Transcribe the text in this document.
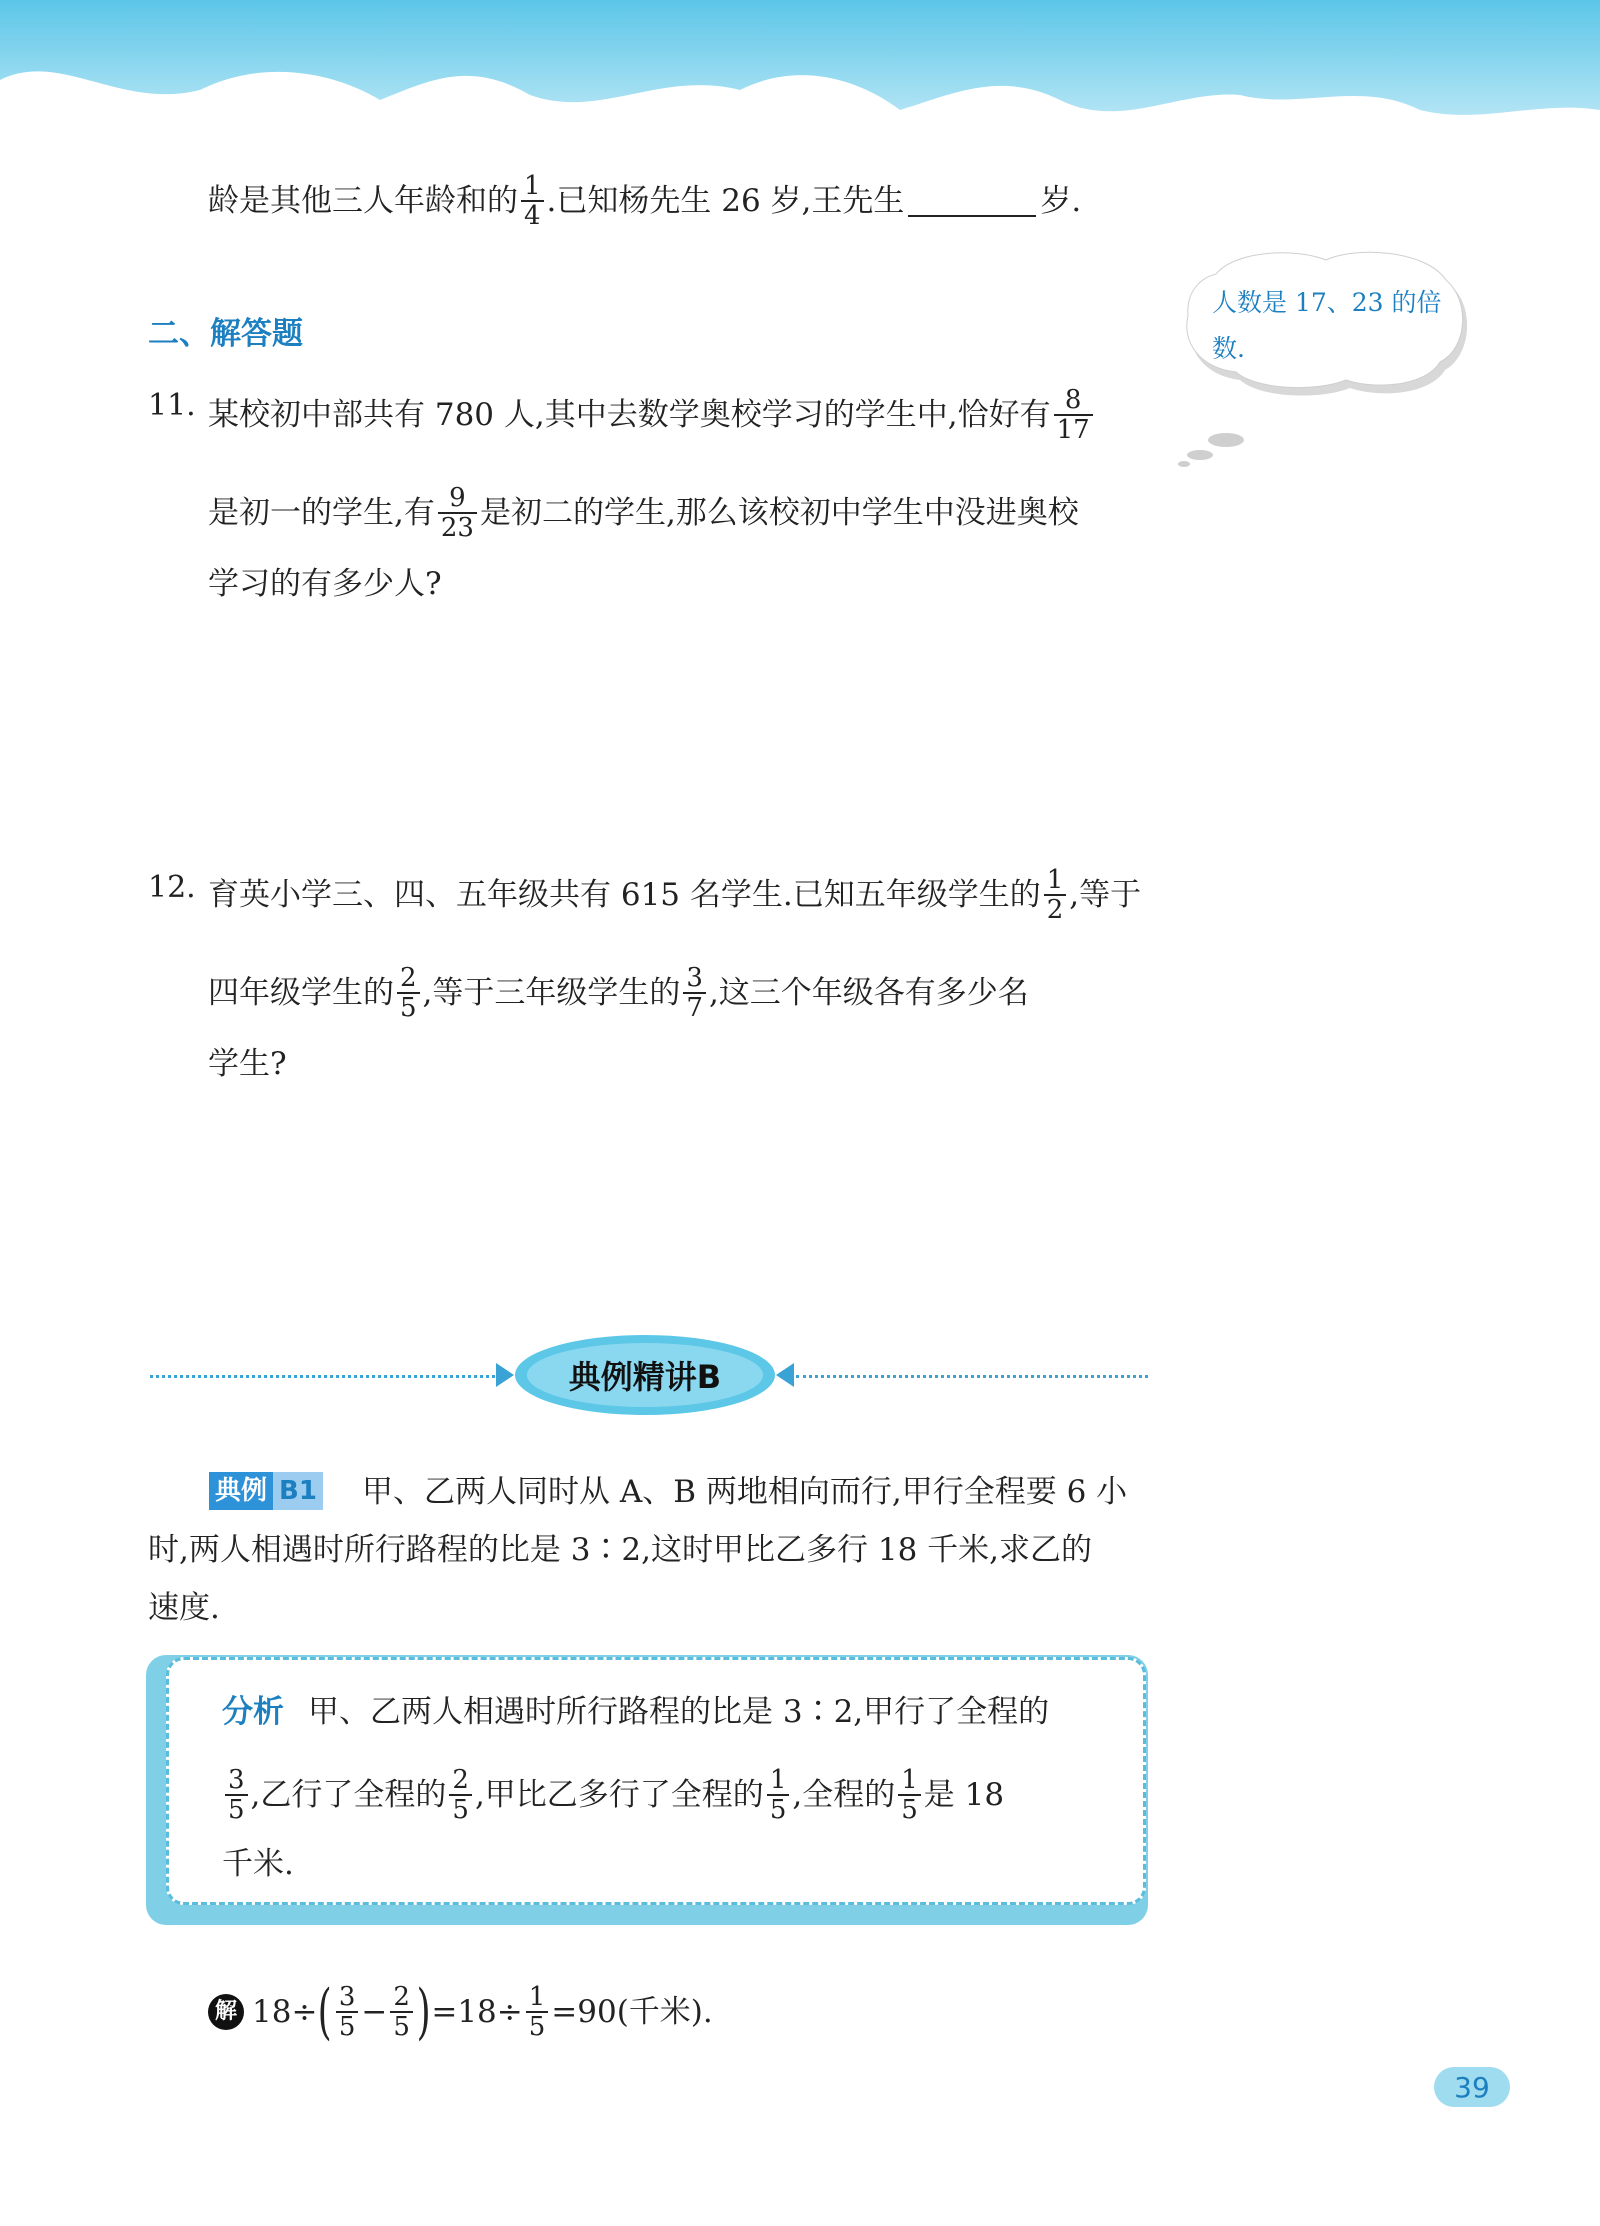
龄是其他三人年龄和的 $\frac{1}{4}$ .已知杨先生 26 岁,王先生	岁.
二、解答题
人数是 17、23 的倍数.
11. 某校初中部共有 780 人,其中去数学奥校学习的学生中,恰好有 $\frac{8}{17}$
是初一的学生,有 $\frac{9}{23}$ 是初二的学生,那么该校初中学生中没进奥校
学习的有多少人?
12. 育英小学三、四、五年级共有 615 名学生.已知五年级学生的 $\frac{1}{2}$ ,等于
四年级学生的 $\frac{2}{5}$ ,等于三年级学生的 $\frac{3}{7}$ ,这三个年级各有多少名
学生?
典例精讲B
典例 B1 甲、乙两人同时从 A、B 两地相向而行,甲行全程要 6 小
时,两人相遇时所行路程的比是 3∶2,这时甲比乙多行 18 千米,求乙的
速度.
分析 甲、乙两人相遇时所行路程的比是 3∶2,甲行了全程的
$\frac{3}{5}$ ,乙行了全程的 $\frac{2}{5}$ ,甲比乙多行了全程的 $\frac{1}{5}$ ,全程的 $\frac{1}{5}$ 是 18
千米.
解 18÷ ( $\frac{3}{5} - \frac{2}{5}$ ) $=18\div \frac{1}{5} =90$(千米).
39
